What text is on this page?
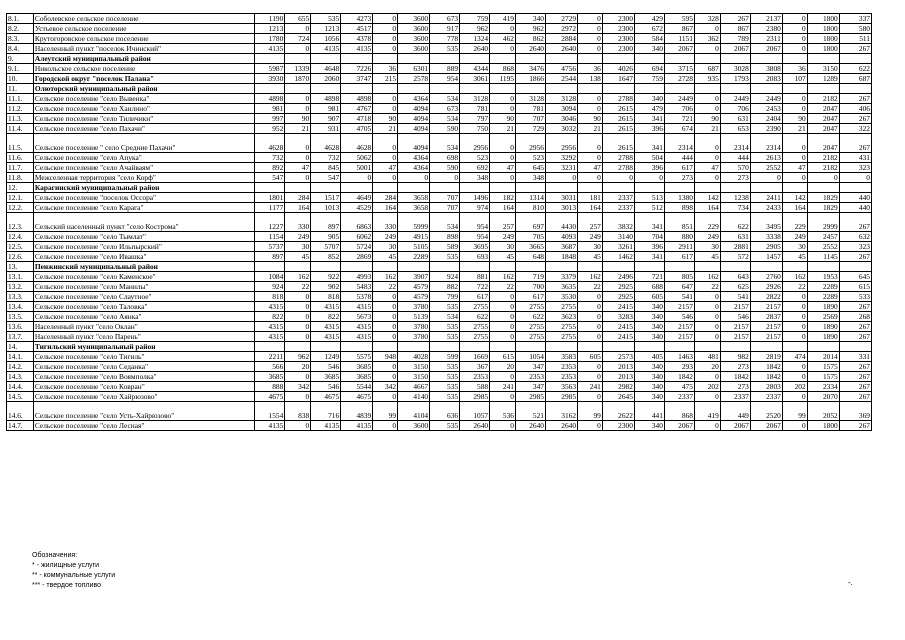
8.1.	Соболевское сельское поселение	1190	655	535	4273	0	3600	673	759	419	340	2729	0	2300	429	595	328	267	2137	0	1800	337
8.2.	Устьевое сельское поселение	1213	0	1213	4517	0	3600	917	962	0	962	2972	0	2300	672	867	0	867	2380	0	1800	580
8.3.	Крутогоровское сельское поселение	1780	724	1056	4378	0	3600	778	1324	462	862	2884	0	2300	584	1151	362	789	2311	0	1800	511
8.4.	Населенный пункт "поселок Ичинский"	4135	0	4135	4135	0	3600	535	2640	0	2640	2640	0	2300	340	2067	0	2067	2067	0	1800	267
9.	Алеутский муниципальный район																					
9.1.	Никольское сельское поселение	5987	1339	4648	7226	36	6301	889	4344	868	3476	4756	36	4026	694	3715	687	3028	3808	36	3150	622
10.	Городской округ "поселок Палана"	3930	1870	2060	3747	215	2578	954	3061	1195	1866	2544	138	1647	759	2728	935	1793	2083	107	1289	687
11.	Олюторский муниципальный район																					
11.1.	Сельское поселение "село Вывенка"	4898	0	4898	4898	0	4364	534	3128	0	3128	3128	0	2788	340	2449	0	2449	2449	0	2182	267
11.2.	Сельское поселение "село Хаилино"	981	0	981	4767	0	4094	673	781	0	781	3094	0	2615	479	706	0	706	2453	0	2047	406
11.3.	Сельское поселение "село Тиличики"	997	90	907	4718	90	4094	534	797	90	707	3046	90	2615	341	721	90	631	2404	90	2047	267
11.4.	Сельское поселение "село Пахачи"	952	21	931	4705	21	4094	590	750	21	729	3032	21	2615	396	674	21	653	2390	21	2047	322
11.5.	Сельское поселение " село Средние Пахачи"	4628	0	4628	4628	0	4094	534	2956	0	2956	2956	0	2615	341	2314	0	2314	2314	0	2047	267
11.6.	Сельское поселение "село Апука"	732	0	732	5062	0	4364	698	523	0	523	3292	0	2788	504	444	0	444	2613	0	2182	431
11.7.	Сельское поселение "село Ачайваям"	892	47	845	5001	47	4364	590	692	47	645	3231	47	2788	396	617	47	570	2552	47	2182	323
11.8.	Межселенная территория "село Корф"	547	0	547	0	0	0	0	348	0	348	0	0	0	0	273	0	273	0	0	0	0
12.	Карагинский муниципальный район																					
12.1.	Сельское поселение "поселок Оссора"	1801	284	1517	4649	284	3658	707	1496	182	1314	3031	181	2337	513	1380	142	1238	2411	142	1829	440
12.2.	Сельское поселение "село Карага"	1177	164	1013	4529	164	3658	707	974	164	810	3013	164	2337	512	898	164	734	2433	164	1829	440
12.3.	Сельский населенный пункт "село Кострома"	1227	330	897	6863	330	5999	534	954	257	697	4430	257	3832	341	851	229	622	3495	229	2999	267
12.4.	Сельское поселение "село Тымлат"	1154	249	905	6062	249	4915	898	954	249	705	4093	249	3140	704	880	249	631	3338	249	2457	632
12.5.	Сельское поселение "село Ильпырский"	5737	30	5707	5724	30	5105	589	3695	30	3665	3687	30	3261	396	2911	30	2881	2905	30	2552	323
12.6.	Сельское поселение "село Ивашка"	897	45	852	2869	45	2289	535	693	45	648	1848	45	1462	341	617	45	572	1457	45	1145	267
13.	Пенжинский муниципальный район																					
13.1.	Сельское поселение "село Каменское"	1084	162	922	4993	162	3907	924	881	162	719	3379	162	2496	721	805	162	643	2760	162	1953	645
13.2.	Сельское поселение "село Манилы"	924	22	902	5483	22	4579	882	722	22	700	3635	22	2925	688	647	22	625	2926	22	2289	615
13.3.	Сельское поселение "село Слаутное"	818	0	818	5378	0	4579	799	617	0	617	3530	0	2925	605	541	0	541	2822	0	2289	533
13.4.	Сельское поселение "село Таловка"	4315	0	4315	4315	0	3780	535	2755	0	2755	2755	0	2415	340	2157	0	2157	2157	0	1890	267
13.5.	Сельское поселение "село Аянка"	822	0	822	5673	0	5139	534	622	0	622	3623	0	3283	340	546	0	546	2837	0	2569	268
13.6.	Населенный пункт "село Оклан"	4315	0	4315	4315	0	3780	535	2755	0	2755	2755	0	2415	340	2157	0	2157	2157	0	1890	267
13.7.	Населенный пункт "село Парень"	4315	0	4315	4315	0	3780	535	2755	0	2755	2755	0	2415	340	2157	0	2157	2157	0	1890	267
14.	Тигильский муниципальный район																					
14.1.	Сельское поселение "село Тигиль"	2211	962	1249	5575	948	4028	599	1669	615	1054	3583	605	2573	405	1463	481	982	2819	474	2014	331
14.2.	Сельское поселение "село Седанка"	566	20	546	3685	0	3150	535	367	20	347	2353	0	2013	340	293	20	273	1842	0	1575	267
14.3.	Сельское поселение "село Воямполка"	3685	0	3685	3685	0	3150	535	2353	0	2353	2353	0	2013	340	1842	0	1842	1842	0	1575	267
14.4.	Сельское поселение "село Ковран"	888	342	546	5544	342	4667	535	588	241	347	3563	241	2982	340	475	202	273	2803	202	2334	267
14.5.	Сельское поселение "село Хайрюзово"	4675	0	4675	4675	0	4140	535	2985	0	2985	2985	0	2645	340	2337	0	2337	2337	0	2070	267
14.6.	Сельское поселение "село Усть-Хайрюзово"	1554	838	716	4839	99	4104	636	1057	536	521	3162	99	2622	441	868	419	449	2520	99	2052	369
14.7.	Сельское поселение "село Лесная"	4135	0	4135	4135	0	3600	535	2640	0	2640	2640	0	2300	340	2067	0	2067	2067	0	1800	267
Обозначения:
* - жилищные услуги
** - коммунальные услуги
*** - твердое топливо	-.
